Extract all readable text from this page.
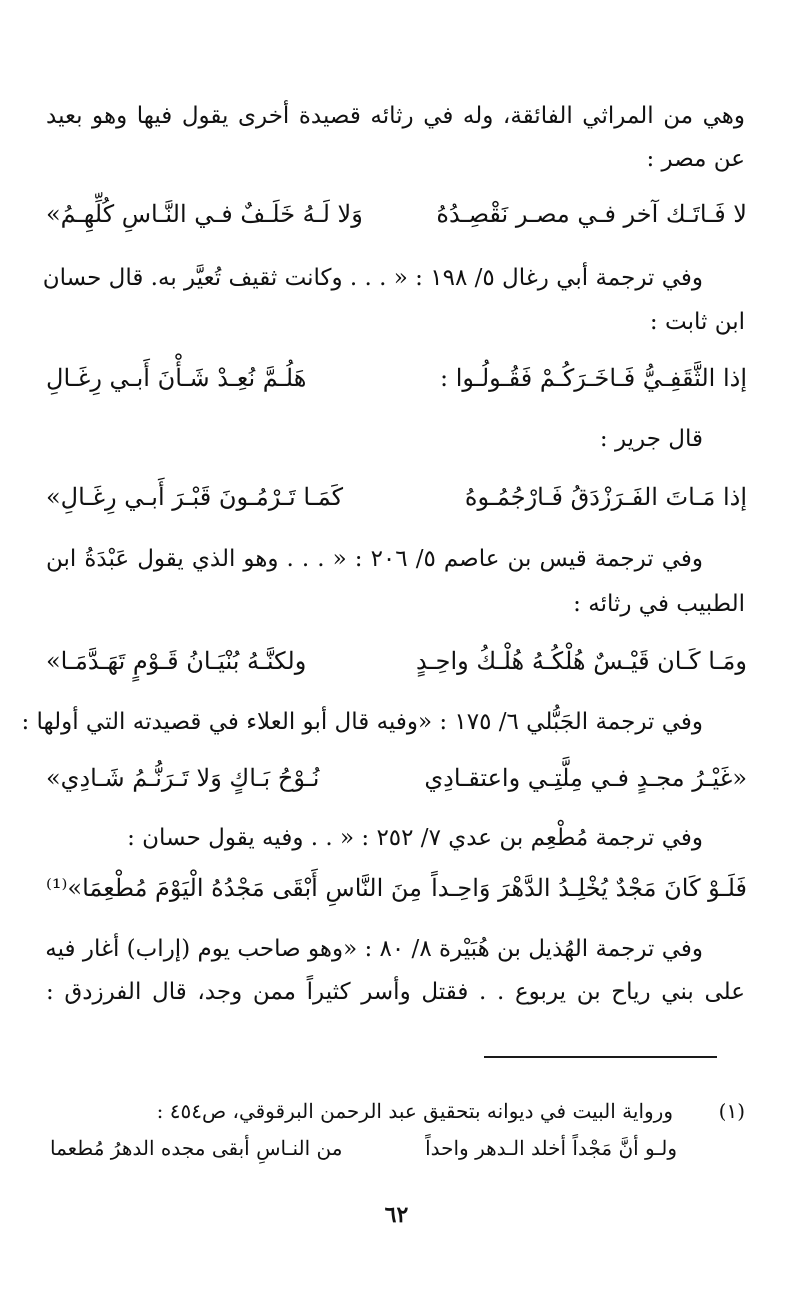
وهي من المراثي الفائقة، وله في رثائه قصيدة أخرى يقول فيها وهو بعيد
عن مصر :
لا فَـاتَـك آخر فـي مصـر نَقْصِـدُهُ
وَلا لَـهُ خَلَـفٌ فـي النَّـاسِ كُلِّهِـمُ»
وفي ترجمة أبي رغال ٥/ ١٩٨ : « . . . وكانت ثقيف تُعيَّر به. قال حسان
ابن ثابت :
إذا الثَّقَفِـيُّ فَـاخَـرَكُـمْ فَقُـولُـوا :
هَلُـمَّ نُعِـدْ شَـأْنَ أَبـي رِغَـالِ
قال جرير :
إذا مَـاتَ الفَـرَزْدَقُ فَـارْجُمُـوهُ
كَمَـا تَـرْمُـونَ قَبْـرَ أَبـي رِغَـالِ»
وفي ترجمة قيس بن عاصم ٥/ ٢٠٦ : « . . . وهو الذي يقول عَبْدَةُ ابن
الطبيب في رثائه :
ومَـا كَـان قَيْـسٌ هُلْكُـهُ هُلْـكُ واحِـدٍ
ولكنَّـهُ بُنْيَـانُ قَـوْمٍ تَهَـدَّمَـا»
وفي ترجمة الجَبُّلي ٦/ ١٧٥ : «وفيه قال أبو العلاء في قصيدته التي أولها :
«غَيْـرُ مجـدٍ فـي مِلَّتِـي واعتقـادِي
نُـوْحُ بَـاكٍ وَلا تَـرَنُّـمُ شَـادِي»
وفي ترجمة مُطْعِم بن عدي ٧/ ٢٥٢ : « . . وفيه يقول حسان :
فَلَـوْ كَانَ مَجْدٌ يُخْلِـدُ الدَّهْرَ وَاحِـداً
مِنَ النَّاسِ أَبْقَى مَجْدُهُ الْيَوْمَ مُطْعِمَا»⁽¹⁾
وفي ترجمة الهُذيل بن هُبَيْرة ٨/ ٨٠ : «وهو صاحب يوم (إراب) أغار فيه
على بني رياح بن يربوع . . فقتل وأسر كثيراً ممن وجد، قال الفرزدق :
(١)
ورواية البيت في ديوانه بتحقيق عبد الرحمن البرقوقي، ص٤٥٤ :
ولـو أنَّ مَجْداً أخلد الـدهر واحداً
من النـاسِ أبقى مجده الدهرُ مُطعما
٦٢
